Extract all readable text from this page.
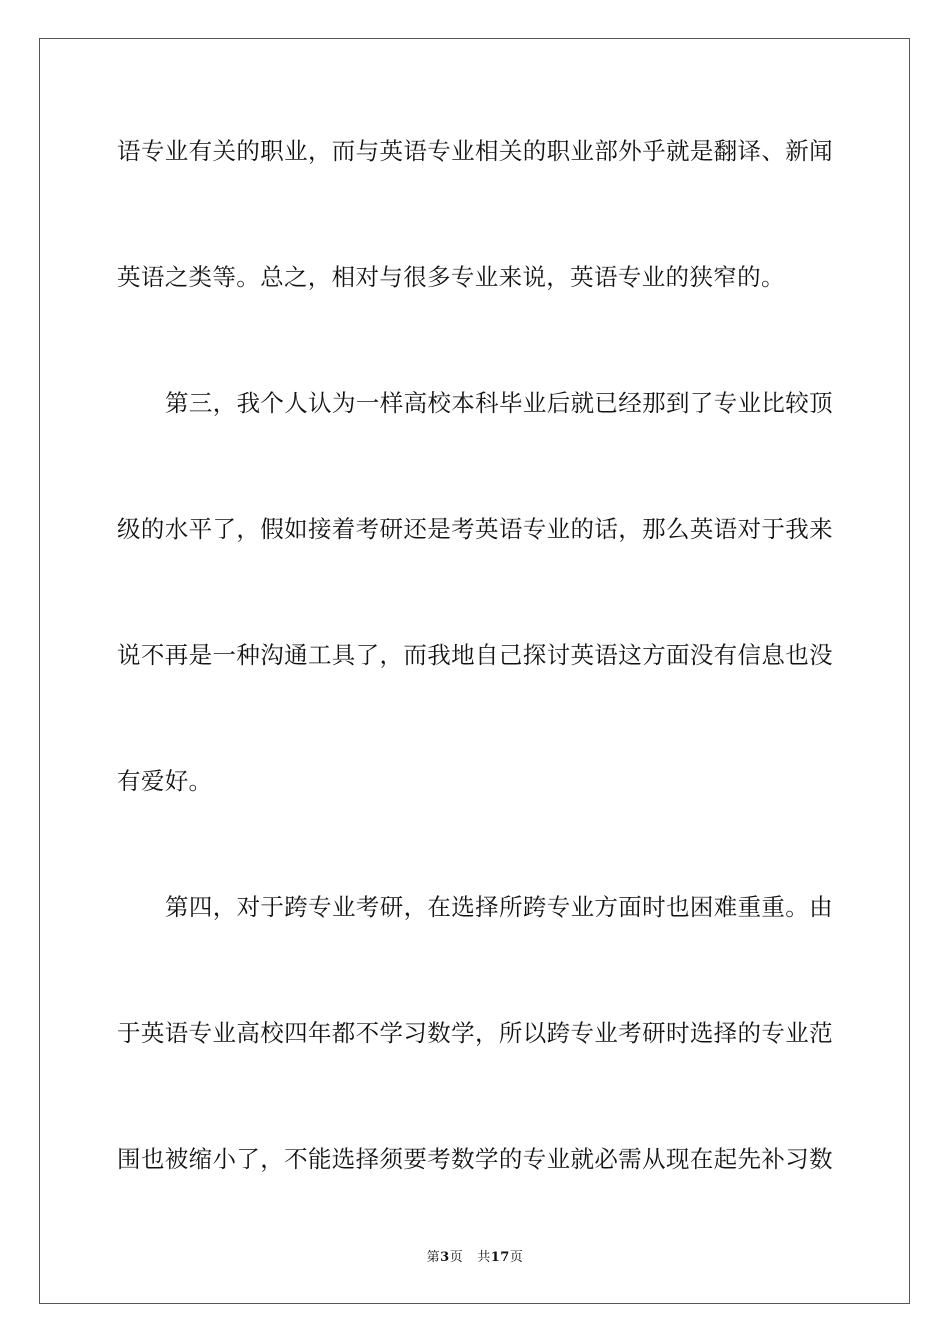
语专业有关的职业，而与英语专业相关的职业部外乎就是翻译、新闻
英语之类等。总之，相对与很多专业来说，英语专业的狭窄的。
第三，我个人认为一样高校本科毕业后就已经那到了专业比较顶
级的水平了，假如接着考研还是考英语专业的话，那么英语对于我来
说不再是一种沟通工具了，而我地自己探讨英语这方面没有信息也没
有爱好。
第四，对于跨专业考研，在选择所跨专业方面时也困难重重。由
于英语专业高校四年都不学习数学，所以跨专业考研时选择的专业范
围也被缩小了，不能选择须要考数学的专业就必需从现在起先补习数
第3页 共17页
